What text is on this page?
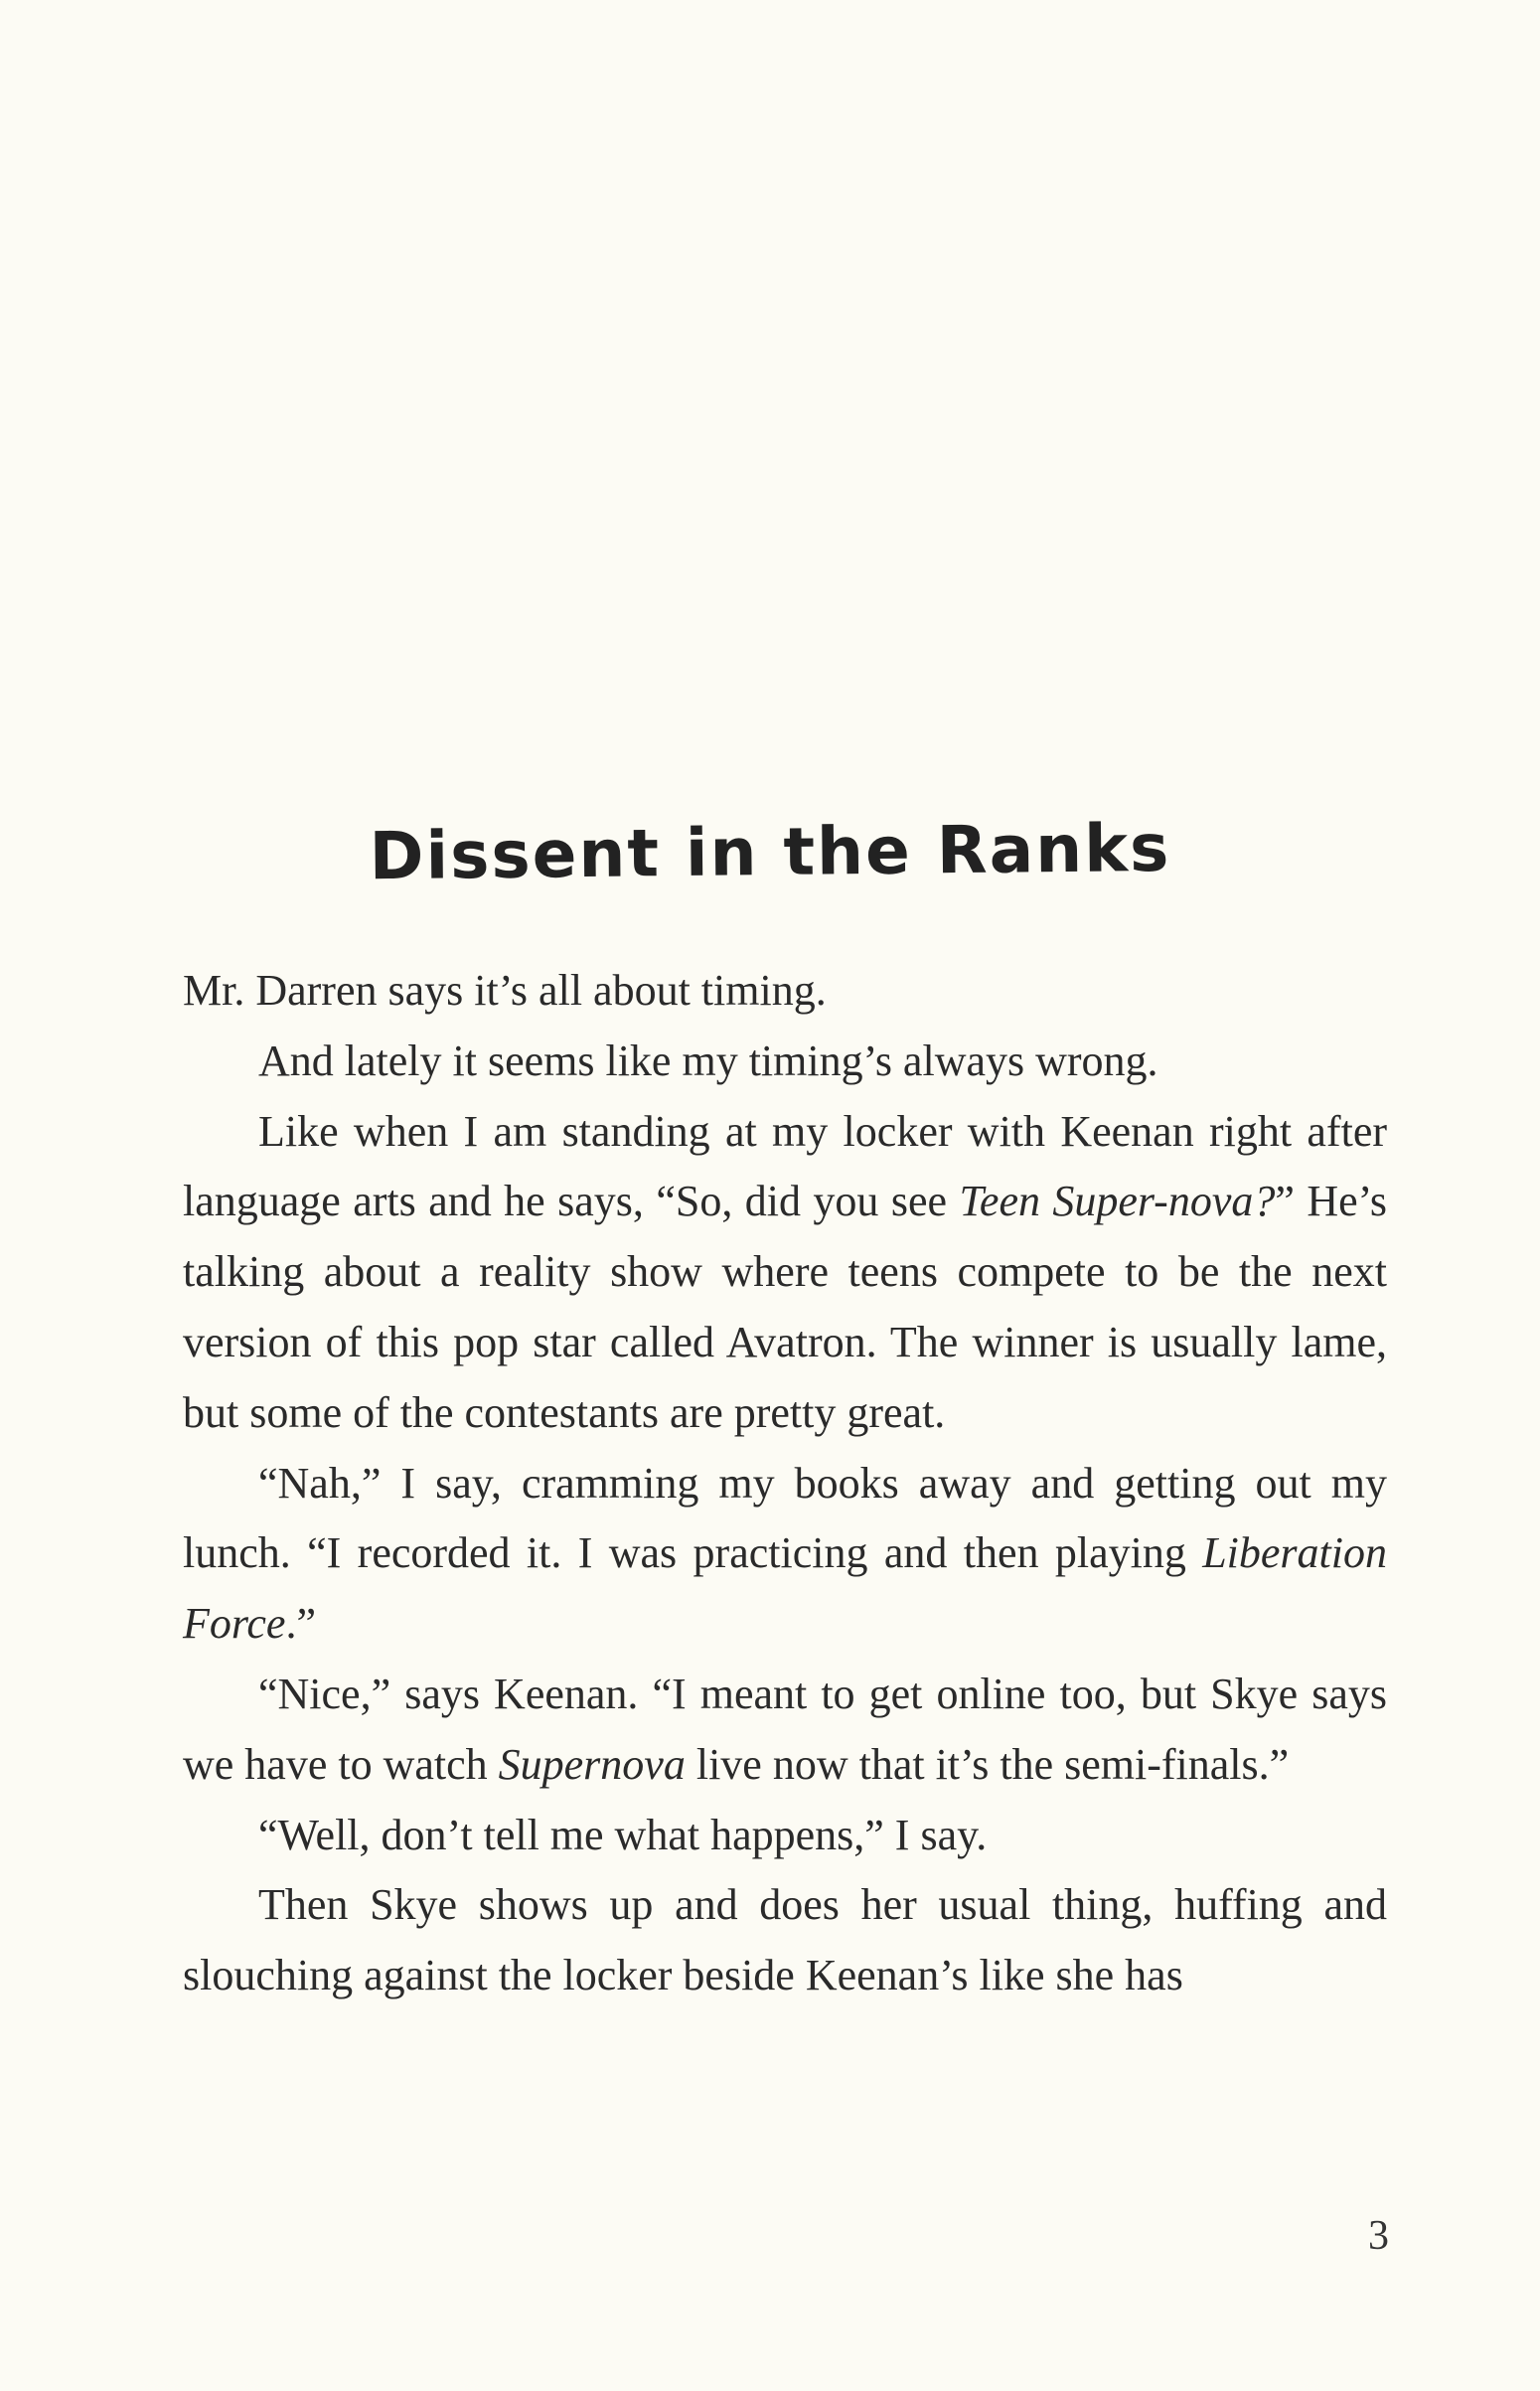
Dissent in the Ranks

Mr. Darren says it’s all about timing.

And lately it seems like my timing’s always wrong.

Like when I am standing at my locker with Keenan right after language arts and he says, “So, did you see Teen Super-nova?” He’s talking about a reality show where teens compete to be the next version of this pop star called Avatron. The winner is usually lame, but some of the contestants are pretty great.

“Nah,” I say, cramming my books away and getting out my lunch. “I recorded it. I was practicing and then playing Liberation Force.”

“Nice,” says Keenan. “I meant to get online too, but Skye says we have to watch Supernova live now that it’s the semi-finals.”

“Well, don’t tell me what happens,” I say.

Then Skye shows up and does her usual thing, huffing and slouching against the locker beside Keenan’s like she has

3
